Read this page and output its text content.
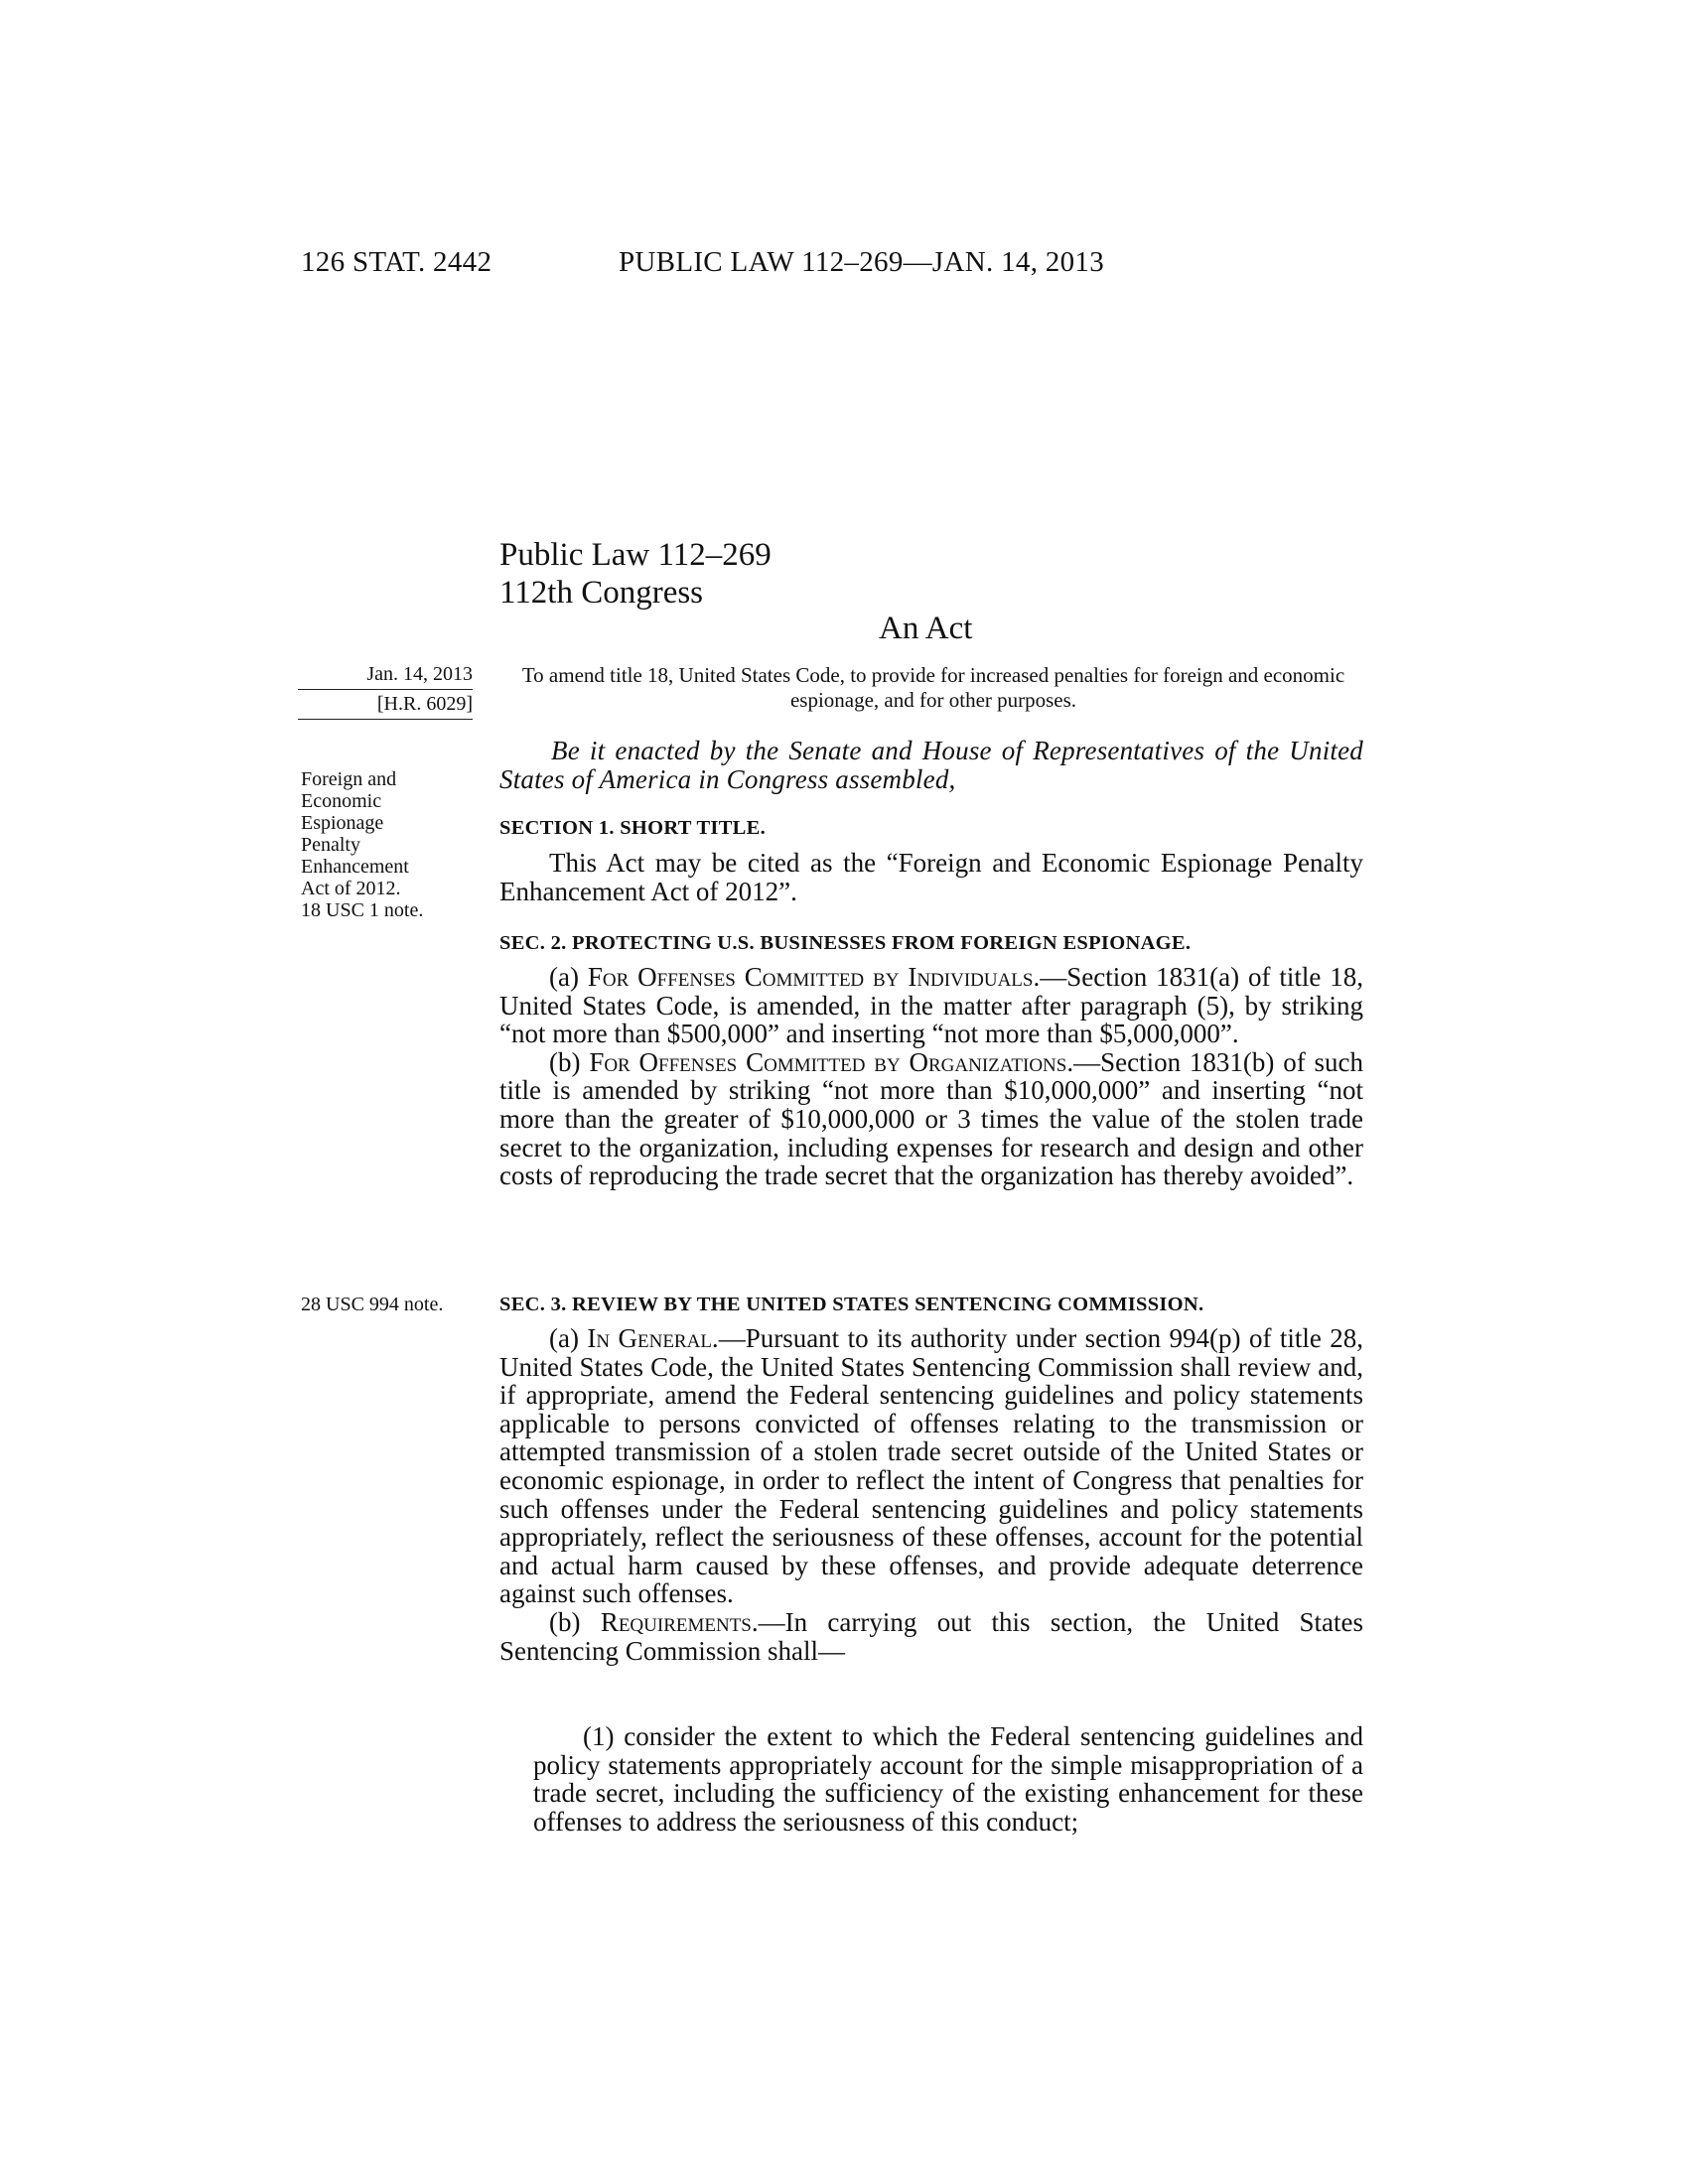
126 STAT. 2442	PUBLIC LAW 112–269—JAN. 14, 2013
Public Law 112–269
112th Congress
An Act
Jan. 14, 2013
[H.R. 6029]
To amend title 18, United States Code, to provide for increased penalties for foreign and economic espionage, and for other purposes.
Foreign and
Economic
Espionage
Penalty
Enhancement
Act of 2012.
18 USC 1 note.
Be it enacted by the Senate and House of Representatives of the United States of America in Congress assembled,
SECTION 1. SHORT TITLE.

This Act may be cited as the “Foreign and Economic Espionage Penalty Enhancement Act of 2012”.

SEC. 2. PROTECTING U.S. BUSINESSES FROM FOREIGN ESPIONAGE.

(a) For Offenses Committed by Individuals.—Section 1831(a) of title 18, United States Code, is amended, in the matter after paragraph (5), by striking “not more than $500,000” and inserting “not more than $5,000,000”.

(b) For Offenses Committed by Organizations.—Section 1831(b) of such title is amended by striking “not more than $10,000,000” and inserting “not more than the greater of $10,000,000 or 3 times the value of the stolen trade secret to the organization, including expenses for research and design and other costs of reproducing the trade secret that the organization has thereby avoided”.

28 USC 994 note.	SEC. 3. REVIEW BY THE UNITED STATES SENTENCING COMMISSION.

(a) In General.—Pursuant to its authority under section 994(p) of title 28, United States Code, the United States Sentencing Commission shall review and, if appropriate, amend the Federal sentencing guidelines and policy statements applicable to persons convicted of offenses relating to the transmission or attempted transmission of a stolen trade secret outside of the United States or economic espionage, in order to reflect the intent of Congress that penalties for such offenses under the Federal sentencing guidelines and policy statements appropriately, reflect the seriousness of these offenses, account for the potential and actual harm caused by these offenses, and provide adequate deterrence against such offenses.

(b) Requirements.—In carrying out this section, the United States Sentencing Commission shall—

(1) consider the extent to which the Federal sentencing guidelines and policy statements appropriately account for the simple misappropriation of a trade secret, including the sufficiency of the existing enhancement for these offenses to address the seriousness of this conduct;
